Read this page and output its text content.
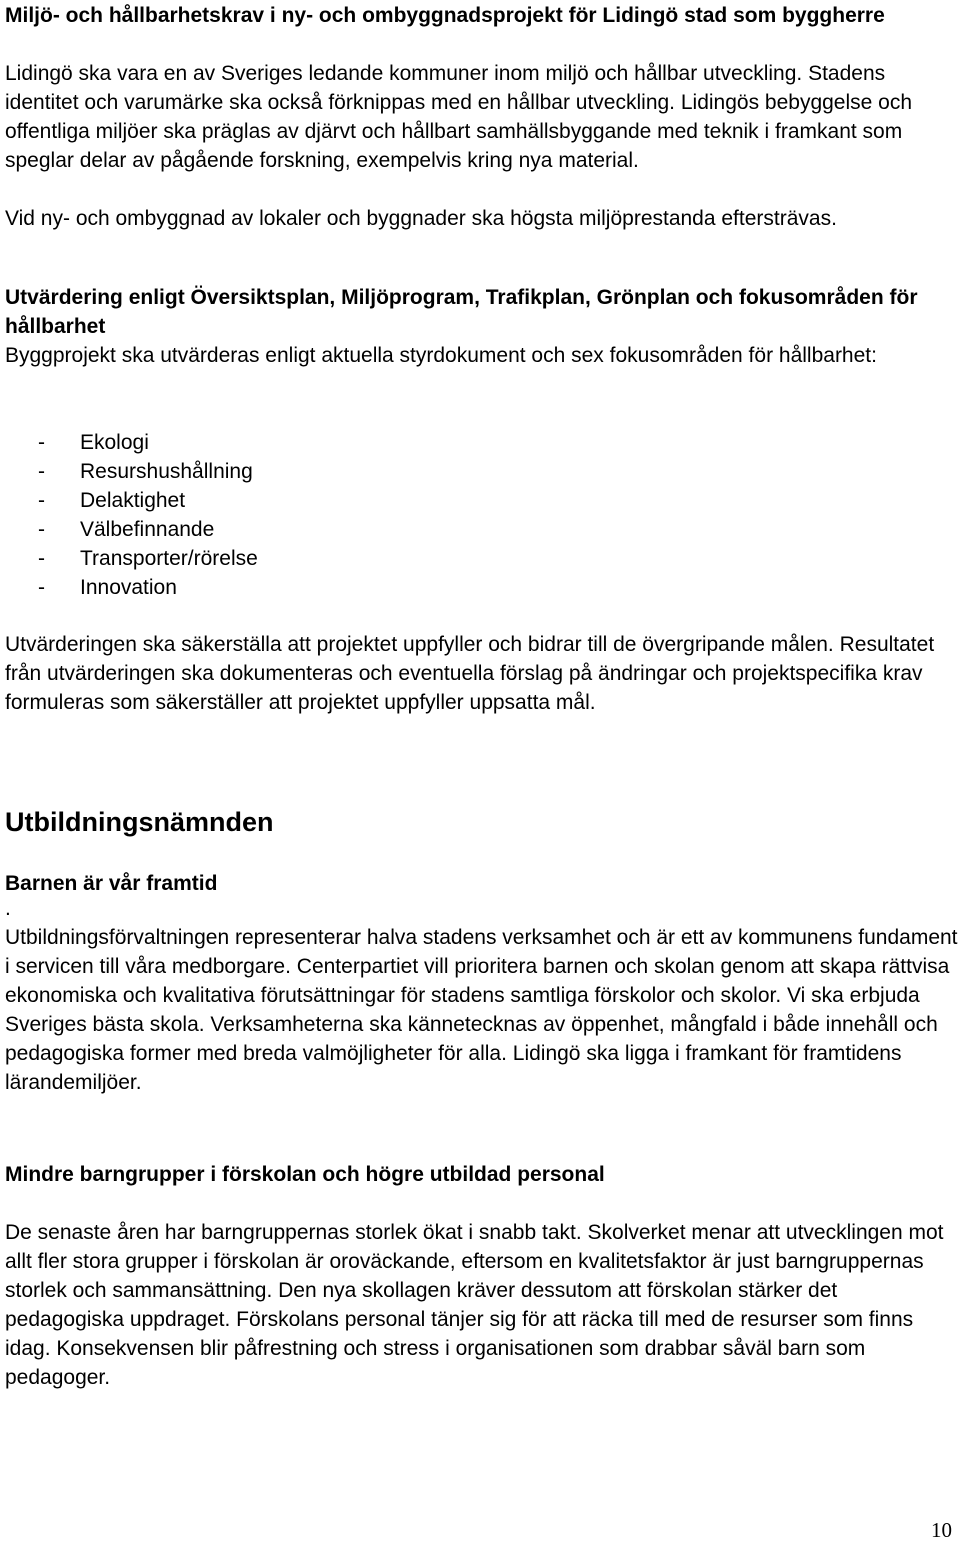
Miljö- och hållbarhetskrav i ny- och ombyggnadsprojekt för Lidingö stad som byggherre

Lidingö ska vara en av Sveriges ledande kommuner inom miljö och hållbar utveckling. Stadens identitet och varumärke ska också förknippas med en hållbar utveckling. Lidingös bebyggelse och offentliga miljöer ska präglas av djärvt och hållbart samhällsbyggande med teknik i framkant som speglar delar av pågående forskning, exempelvis kring nya material.

Vid ny- och ombyggnad av lokaler och byggnader ska högsta miljöprestanda eftersträvas.

Utvärdering enligt Översiktsplan, Miljöprogram, Trafikplan, Grönplan och fokusområden för hållbarhet

Byggprojekt ska utvärderas enligt aktuella styrdokument och sex fokusområden för hållbarhet:

- Ekologi
- Resurshushållning
- Delaktighet
- Välbefinnande
- Transporter/rörelse
- Innovation

Utvärderingen ska säkerställa att projektet uppfyller och bidrar till de övergripande målen. Resultatet från utvärderingen ska dokumenteras och eventuella förslag på ändringar och projektspecifika krav formuleras som säkerställer att projektet uppfyller uppsatta mål.

Utbildningsnämnden

Barnen är vår framtid

.

Utbildningsförvaltningen representerar halva stadens verksamhet och är ett av kommunens fundament i servicen till våra medborgare. Centerpartiet vill prioritera barnen och skolan genom att skapa rättvisa ekonomiska och kvalitativa förutsättningar för stadens samtliga förskolor och skolor. Vi ska erbjuda Sveriges bästa skola. Verksamheterna ska kännetecknas av öppenhet, mångfald i både innehåll och pedagogiska former med breda valmöjligheter för alla. Lidingö ska ligga i framkant för framtidens lärandemiljöer.

Mindre barngrupper i förskolan och högre utbildad personal

De senaste åren har barngruppernas storlek ökat i snabb takt. Skolverket menar att utvecklingen mot allt fler stora grupper i förskolan är oroväckande, eftersom en kvalitetsfaktor är just barngruppernas storlek och sammansättning. Den nya skollagen kräver dessutom att förskolan stärker det pedagogiska uppdraget. Förskolans personal tänjer sig för att räcka till med de resurser som finns idag. Konsekvensen blir påfrestning och stress i organisationen som drabbar såväl barn som pedagoger.

10
